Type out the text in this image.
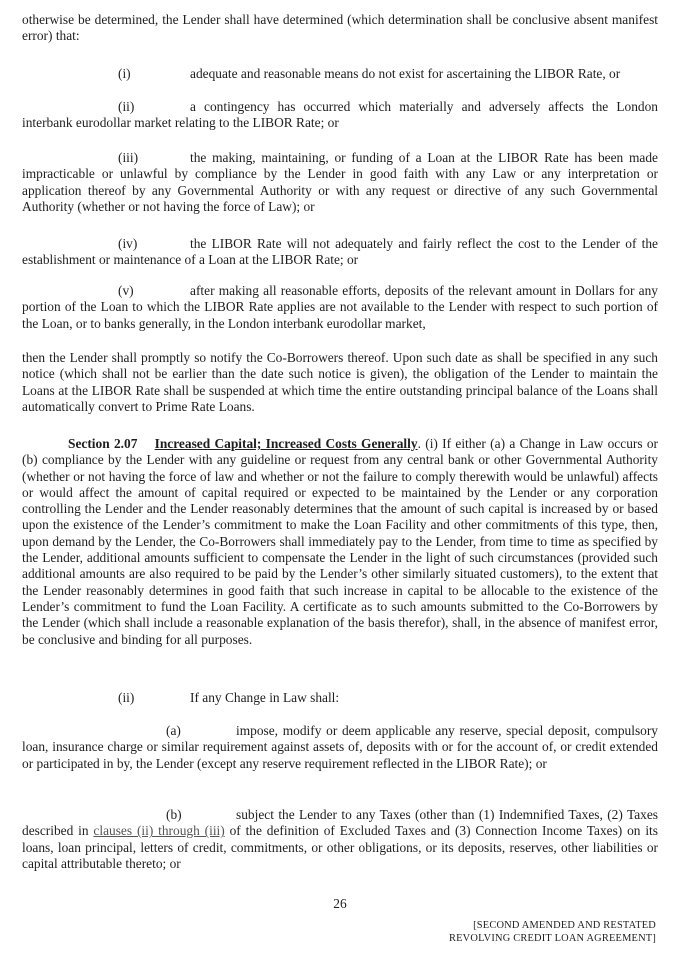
otherwise be determined, the Lender shall have determined (which determination shall be conclusive absent manifest error) that:

(i)	adequate and reasonable means do not exist for ascertaining the LIBOR Rate, or

(ii)	a contingency has occurred which materially and adversely affects the London interbank eurodollar market relating to the LIBOR Rate; or

(iii)	the making, maintaining, or funding of a Loan at the LIBOR Rate has been made impracticable or unlawful by compliance by the Lender in good faith with any Law or any interpretation or application thereof by any Governmental Authority or with any request or directive of any such Governmental Authority (whether or not having the force of Law); or

(iv)	the LIBOR Rate will not adequately and fairly reflect the cost to the Lender of the establishment or maintenance of a Loan at the LIBOR Rate; or

(v)	after making all reasonable efforts, deposits of the relevant amount in Dollars for any portion of the Loan to which the LIBOR Rate applies are not available to the Lender with respect to such portion of the Loan, or to banks generally, in the London interbank eurodollar market,

then the Lender shall promptly so notify the Co-Borrowers thereof. Upon such date as shall be specified in any such notice (which shall not be earlier than the date such notice is given), the obligation of the Lender to maintain the Loans at the LIBOR Rate shall be suspended at which time the entire outstanding principal balance of the Loans shall automatically convert to Prime Rate Loans.

Section 2.07 Increased Capital; Increased Costs Generally. (i) If either (a) a Change in Law occurs or (b) compliance by the Lender with any guideline or request from any central bank or other Governmental Authority (whether or not having the force of law and whether or not the failure to comply therewith would be unlawful) affects or would affect the amount of capital required or expected to be maintained by the Lender or any corporation controlling the Lender and the Lender reasonably determines that the amount of such capital is increased by or based upon the existence of the Lender’s commitment to make the Loan Facility and other commitments of this type, then, upon demand by the Lender, the Co-Borrowers shall immediately pay to the Lender, from time to time as specified by the Lender, additional amounts sufficient to compensate the Lender in the light of such circumstances (provided such additional amounts are also required to be paid by the Lender’s other similarly situated customers), to the extent that the Lender reasonably determines in good faith that such increase in capital to be allocable to the existence of the Lender’s commitment to fund the Loan Facility. A certificate as to such amounts submitted to the Co-Borrowers by the Lender (which shall include a reasonable explanation of the basis therefor), shall, in the absence of manifest error, be conclusive and binding for all purposes.

(ii)	If any Change in Law shall:

(a)	impose, modify or deem applicable any reserve, special deposit, compulsory loan, insurance charge or similar requirement against assets of, deposits with or for the account of, or credit extended or participated in by, the Lender (except any reserve requirement reflected in the LIBOR Rate); or

(b)	subject the Lender to any Taxes (other than (1) Indemnified Taxes, (2) Taxes described in clauses (ii) through (iii) of the definition of Excluded Taxes and (3) Connection Income Taxes) on its loans, loan principal, letters of credit, commitments, or other obligations, or its deposits, reserves, other liabilities or capital attributable thereto; or

26
[SECOND AMENDED AND RESTATED
REVOLVING CREDIT LOAN AGREEMENT]
